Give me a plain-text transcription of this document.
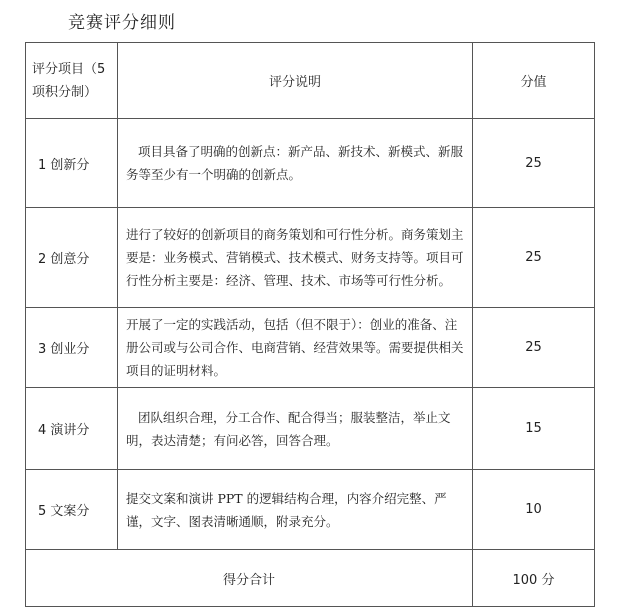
竞赛评分细则
评分项目（5 项积分制）	评分说明	分值
1 创新分	项目具备了明确的创新点：新产品、新技术、新模式、新服务等至少有一个明确的创新点。	25
2 创意分	进行了较好的创新项目的商务策划和可行性分析。商务策划主要是：业务模式、营销模式、技术模式、财务支持等。项目可行性分析主要是：经济、管理、技术、市场等可行性分析。	25
3 创业分	开展了一定的实践活动，包括（但不限于）：创业的准备、注册公司或与公司合作、电商营销、经营效果等。需要提供相关项目的证明材料。	25
4 演讲分	团队组织合理，分工合作、配合得当；服装整洁，举止文明，表达清楚；有问必答，回答合理。	15
5 文案分	提交文案和演讲 PPT 的逻辑结构合理，内容介绍完整、严谨，文字、图表清晰通顺，附录充分。	10
得分合计		100 分
